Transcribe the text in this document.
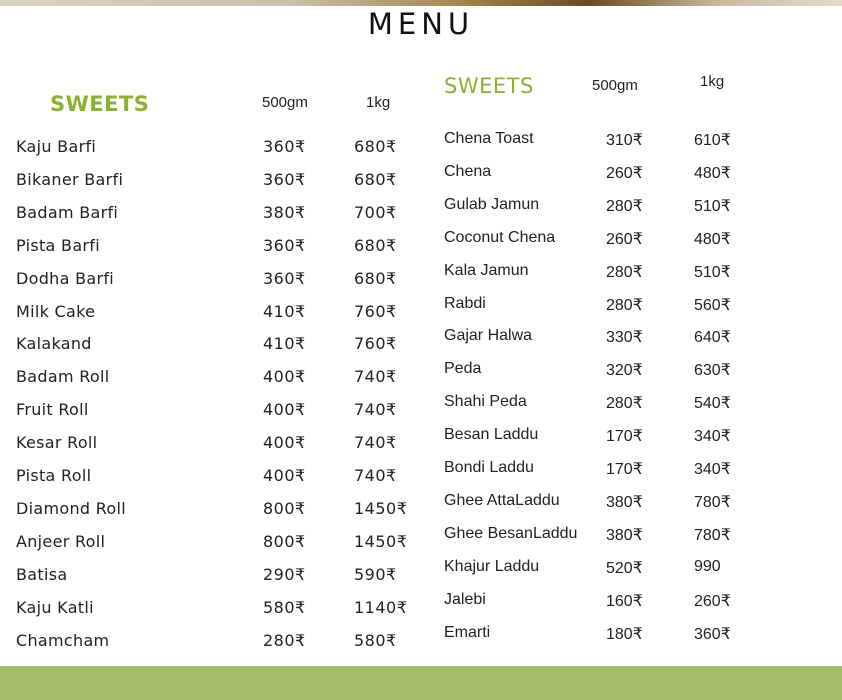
MENU
SWEETS	500gm	1kg
SWEETS	500gm	1kg
Kaju Barfi	360₹	680₹
Bikaner Barfi	360₹	680₹
Badam Barfi	380₹	700₹
Pista Barfi	360₹	680₹
Dodha Barfi	360₹	680₹
Milk Cake	410₹	760₹
Kalakand	410₹	760₹
Badam Roll	400₹	740₹
Fruit Roll	400₹	740₹
Kesar Roll	400₹	740₹
Pista Roll	400₹	740₹
Diamond Roll	800₹	1450₹
Anjeer Roll	800₹	1450₹
Batisa	290₹	590₹
Kaju Katli	580₹	1140₹
Chamcham	280₹	580₹
Chena Toast	310₹	610₹
Chena	260₹	480₹
Gulab Jamun	280₹	510₹
Coconut Chena	260₹	480₹
Kala Jamun	280₹	510₹
Rabdi	280₹	560₹
Gajar Halwa	330₹	640₹
Peda	320₹	630₹
Shahi Peda	280₹	540₹
Besan Laddu	170₹	340₹
Bondi Laddu	170₹	340₹
Ghee AttaLaddu	380₹	780₹
Ghee BesanLaddu 380₹	780₹
Khajur Laddu	520₹	990
Jalebi	160₹	260₹
Emarti	180₹	360₹
